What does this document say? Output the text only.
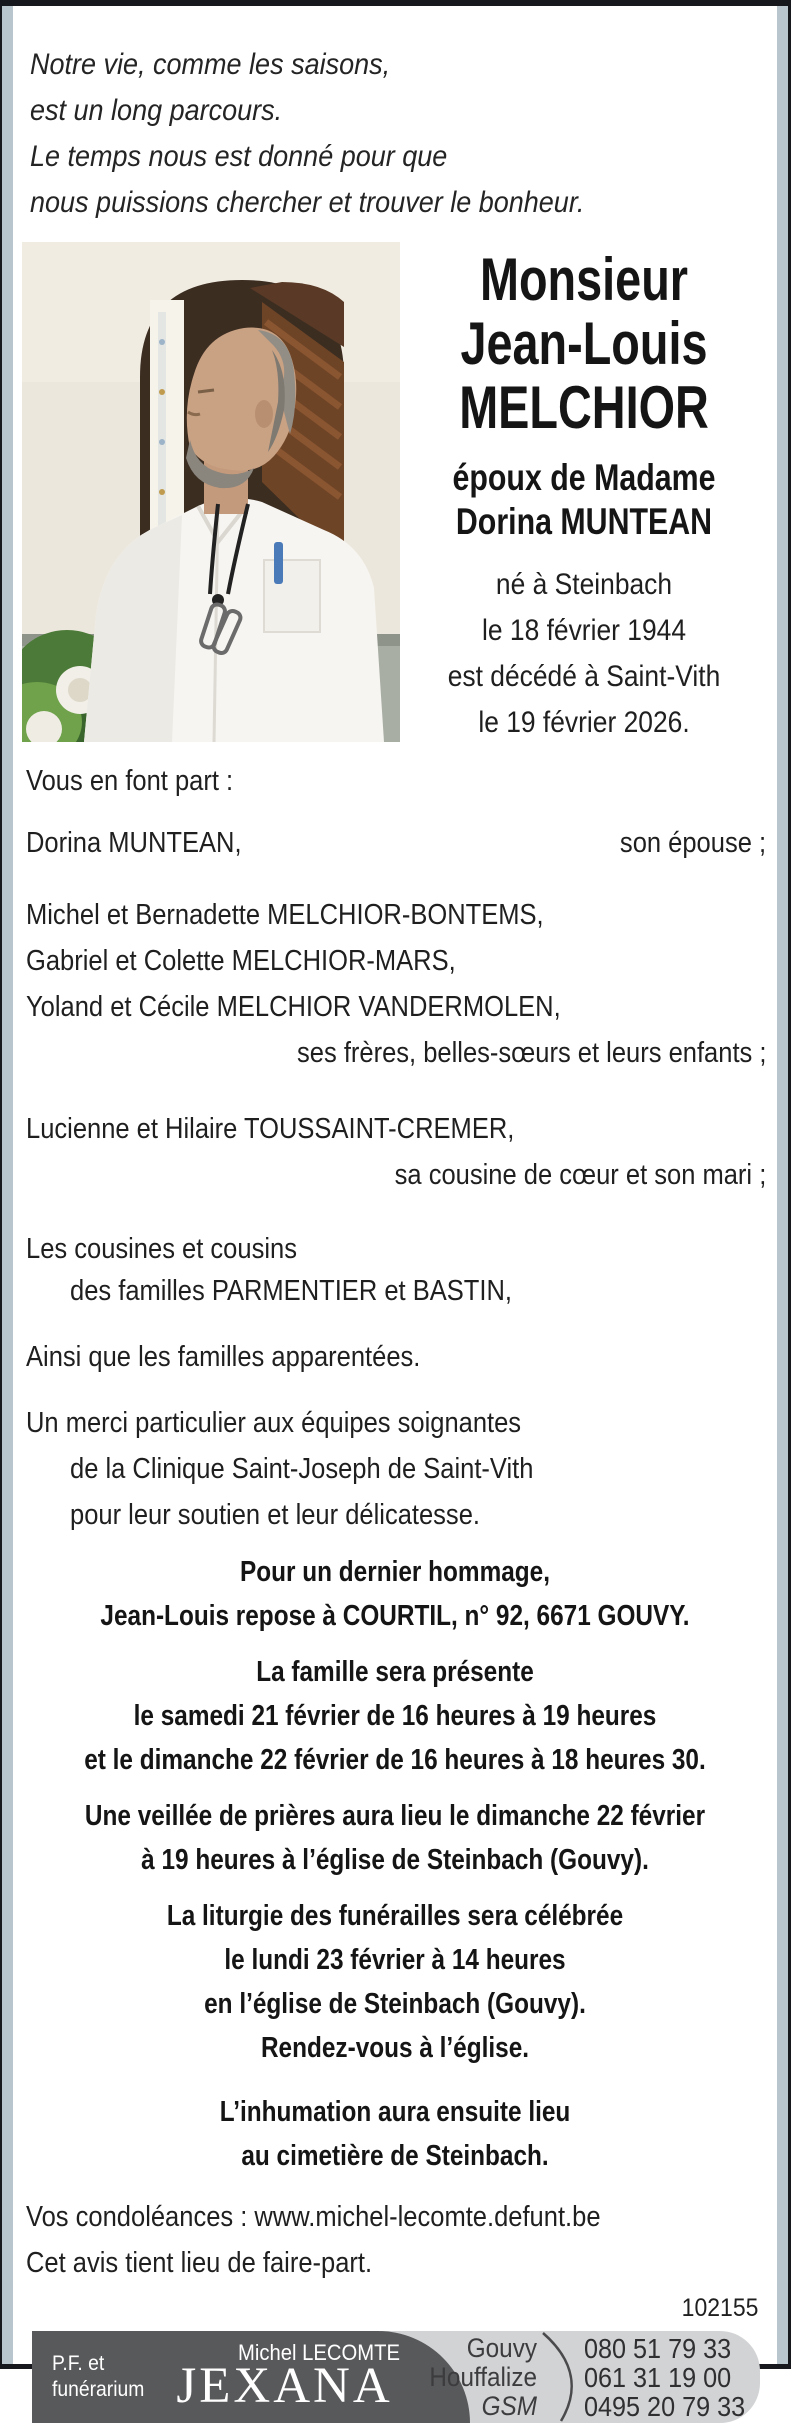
Notre vie, comme les saisons,
est un long parcours.
Le temps nous est donné pour que
nous puissions chercher et trouver le bonheur.
Monsieur
Jean-Louis
MELCHIOR
époux de Madame
Dorina MUNTEAN
né à Steinbach
le 18 février 1944
est décédé à Saint-Vith
le 19 février 2026.
Vous en font part :
Dorina MUNTEAN,	son épouse ;
Michel et Bernadette MELCHIOR-BONTEMS,
Gabriel et Colette MELCHIOR-MARS,
Yoland et Cécile MELCHIOR VANDERMOLEN,
ses frères, belles-sœurs et leurs enfants ;
Lucienne et Hilaire TOUSSAINT-CREMER,
sa cousine de cœur et son mari ;
Les cousines et cousins
des familles PARMENTIER et BASTIN,
Ainsi que les familles apparentées.
Un merci particulier aux équipes soignantes
de la Clinique Saint-Joseph de Saint-Vith
pour leur soutien et leur délicatesse.
Pour un dernier hommage,
Jean-Louis repose à COURTIL, n° 92, 6671 GOUVY.
La famille sera présente
le samedi 21 février de 16 heures à 19 heures
et le dimanche 22 février de 16 heures à 18 heures 30.
Une veillée de prières aura lieu le dimanche 22 février
à 19 heures à l’église de Steinbach (Gouvy).
La liturgie des funérailles sera célébrée
le lundi 23 février à 14 heures
en l’église de Steinbach (Gouvy).
Rendez-vous à l’église.
L’inhumation aura ensuite lieu
au cimetière de Steinbach.
Vos condoléances : www.michel-lecomte.defunt.be
Cet avis tient lieu de faire-part.
102155
P.F. et
funérarium
Michel LECOMTE
JEXANA
Gouvy
Houffalize
GSM
080 51 79 33
061 31 19 00
0495 20 79 33
